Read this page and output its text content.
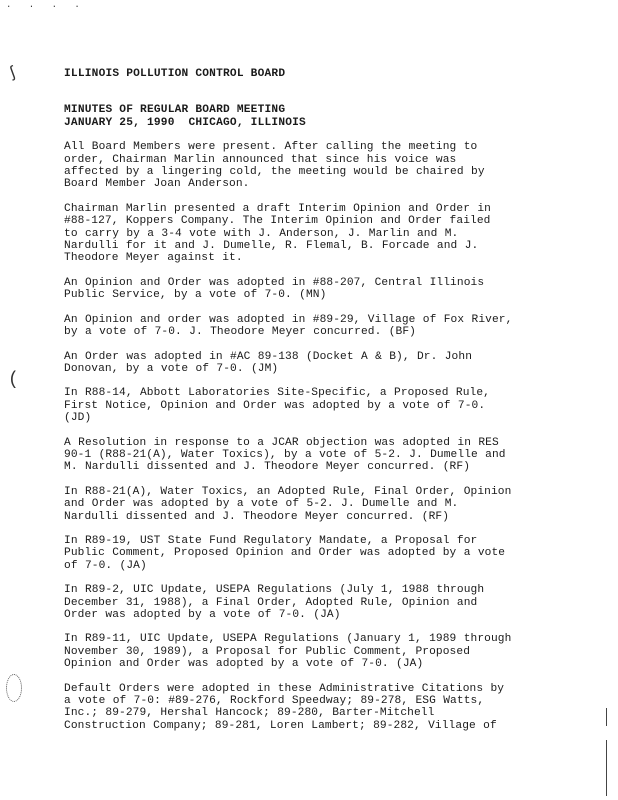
· · · ·
ʃ
(
ILLINOIS POLLUTION CONTROL BOARD
MINUTES OF REGULAR BOARD MEETING
JANUARY 25, 1990  CHICAGO, ILLINOIS

All Board Members were present. After calling the meeting to
order, Chairman Marlin announced that since his voice was
affected by a lingering cold, the meeting would be chaired by
Board Member Joan Anderson.

Chairman Marlin presented a draft Interim Opinion and Order in
#88-127, Koppers Company. The Interim Opinion and Order failed
to carry by a 3-4 vote with J. Anderson, J. Marlin and M.
Nardulli for it and J. Dumelle, R. Flemal, B. Forcade and J.
Theodore Meyer against it.

An Opinion and Order was adopted in #88-207, Central Illinois
Public Service, by a vote of 7-0. (MN)

An Opinion and order was adopted in #89-29, Village of Fox River,
by a vote of 7-0. J. Theodore Meyer concurred. (BF)

An Order was adopted in #AC 89-138 (Docket A & B), Dr. John
Donovan, by a vote of 7-0. (JM)

In R88-14, Abbott Laboratories Site-Specific, a Proposed Rule,
First Notice, Opinion and Order was adopted by a vote of 7-0.
(JD)

A Resolution in response to a JCAR objection was adopted in RES
90-1 (R88-21(A), Water Toxics), by a vote of 5-2. J. Dumelle and
M. Nardulli dissented and J. Theodore Meyer concurred. (RF)

In R88-21(A), Water Toxics, an Adopted Rule, Final Order, Opinion
and Order was adopted by a vote of 5-2. J. Dumelle and M.
Nardulli dissented and J. Theodore Meyer concurred. (RF)

In R89-19, UST State Fund Regulatory Mandate, a Proposal for
Public Comment, Proposed Opinion and Order was adopted by a vote
of 7-0. (JA)

In R89-2, UIC Update, USEPA Regulations (July 1, 1988 through
December 31, 1988), a Final Order, Adopted Rule, Opinion and
Order was adopted by a vote of 7-0. (JA)

In R89-11, UIC Update, USEPA Regulations (January 1, 1989 through
November 30, 1989), a Proposal for Public Comment, Proposed
Opinion and Order was adopted by a vote of 7-0. (JA)

Default Orders were adopted in these Administrative Citations by
a vote of 7-0: #89-276, Rockford Speedway; 89-278, ESG Watts,
Inc.; 89-279, Hershal Hancock; 89-280, Barter-Mitchell
Construction Company; 89-281, Loren Lambert; 89-282, Village of
